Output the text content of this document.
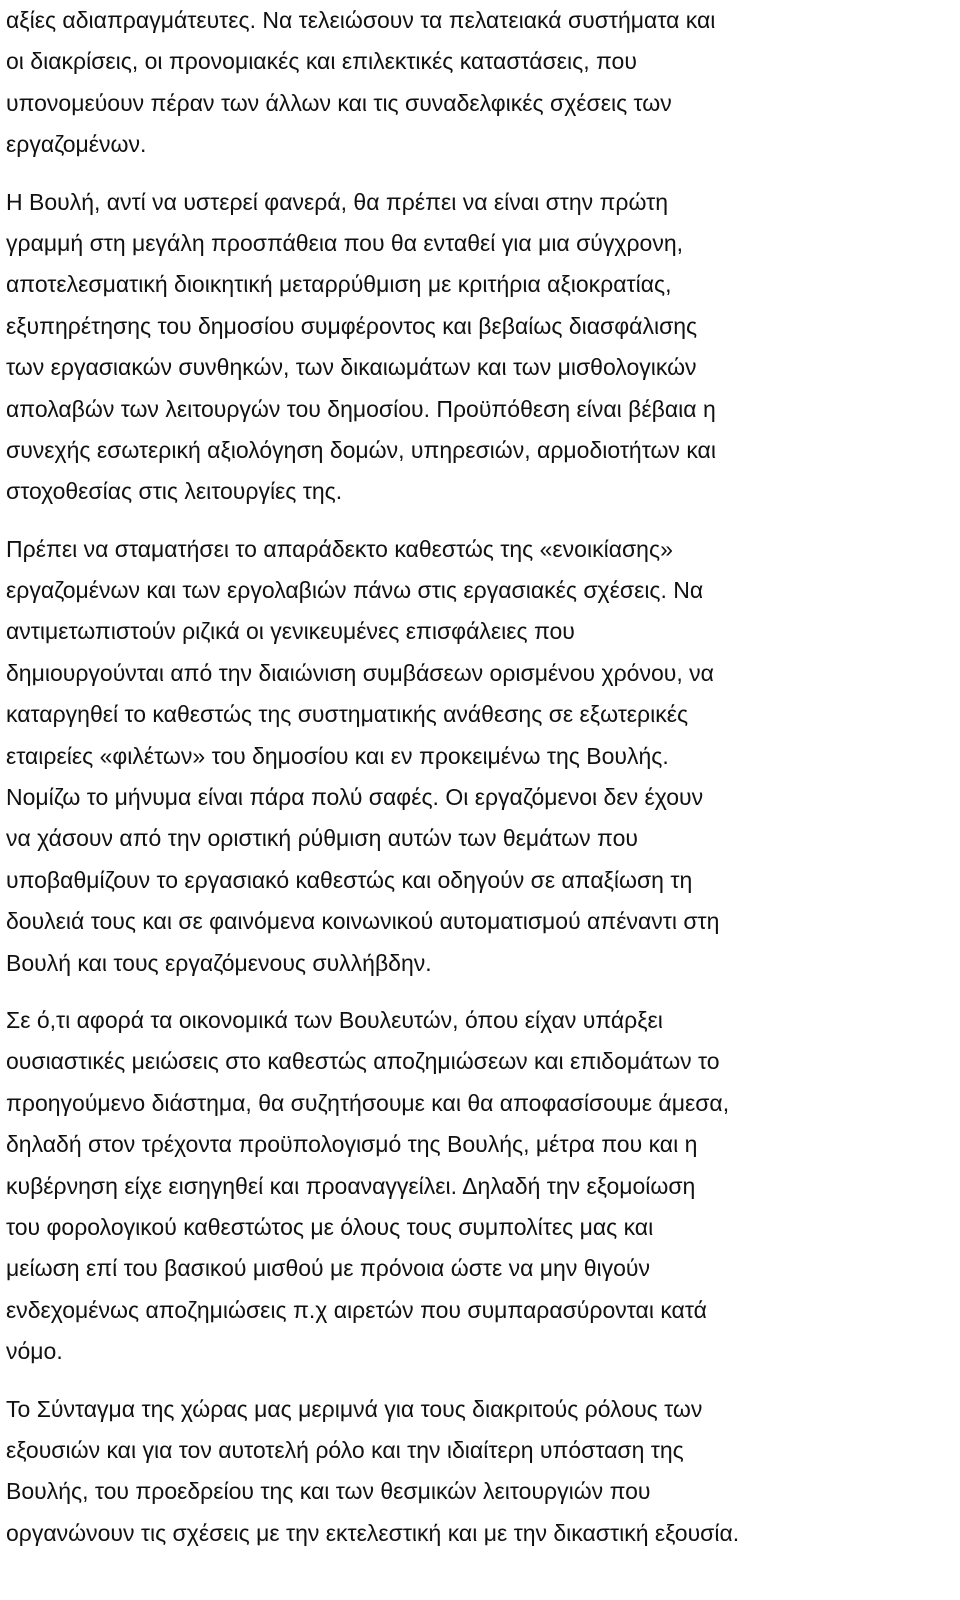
αξίες αδιαπραγμάτευτες. Να τελειώσουν τα πελατειακά συστήματα και
οι διακρίσεις, οι προνομιακές και επιλεκτικές καταστάσεις, που
υπονομεύουν πέραν των άλλων και τις συναδελφικές σχέσεις των
εργαζομένων.
Η Βουλή, αντί να υστερεί φανερά, θα πρέπει να είναι στην πρώτη
γραμμή στη μεγάλη προσπάθεια που θα ενταθεί για μια σύγχρονη,
αποτελεσματική διοικητική μεταρρύθμιση με κριτήρια αξιοκρατίας,
εξυπηρέτησης του δημοσίου συμφέροντος και βεβαίως διασφάλισης
των εργασιακών συνθηκών, των δικαιωμάτων και των μισθολογικών
απολαβών των λειτουργών του δημοσίου. Προϋπόθεση είναι βέβαια η
συνεχής εσωτερική αξιολόγηση δομών, υπηρεσιών, αρμοδιοτήτων και
στοχοθεσίας στις λειτουργίες της.
Πρέπει να σταματήσει το απαράδεκτο καθεστώς της «ενοικίασης»
εργαζομένων και των εργολαβιών πάνω στις εργασιακές σχέσεις. Να
αντιμετωπιστούν ριζικά οι γενικευμένες επισφάλειες που
δημιουργούνται από την διαιώνιση συμβάσεων ορισμένου χρόνου, να
καταργηθεί το καθεστώς της συστηματικής ανάθεσης σε εξωτερικές
εταιρείες «φιλέτων» του δημοσίου και εν προκειμένω της Βουλής.
Νομίζω το μήνυμα είναι πάρα πολύ σαφές. Οι εργαζόμενοι δεν έχουν
να χάσουν από την οριστική ρύθμιση αυτών των θεμάτων που
υποβαθμίζουν το εργασιακό καθεστώς και οδηγούν σε απαξίωση τη
δουλειά τους και σε φαινόμενα κοινωνικού αυτοματισμού απέναντι στη
Βουλή και τους εργαζόμενους συλλήβδην.
Σε ό,τι αφορά τα οικονομικά των Βουλευτών, όπου είχαν υπάρξει
ουσιαστικές μειώσεις στο καθεστώς αποζημιώσεων και επιδομάτων το
προηγούμενο διάστημα, θα συζητήσουμε και θα αποφασίσουμε άμεσα,
δηλαδή στον τρέχοντα προϋπολογισμό της Βουλής, μέτρα που και η
κυβέρνηση είχε εισηγηθεί και προαναγγείλει. Δηλαδή την εξομοίωση
του φορολογικού καθεστώτος με όλους τους συμπολίτες μας και
μείωση επί του βασικού μισθού με πρόνοια ώστε να μην θιγούν
ενδεχομένως αποζημιώσεις π.χ αιρετών που συμπαρασύρονται κατά
νόμο.
Το Σύνταγμα της χώρας μας μεριμνά για τους διακριτούς ρόλους των
εξουσιών και για τον αυτοτελή ρόλο και την ιδιαίτερη υπόσταση της
Βουλής, του προεδρείου της και των θεσμικών λειτουργιών που
οργανώνουν τις σχέσεις με την εκτελεστική και με την δικαστική εξουσία.
